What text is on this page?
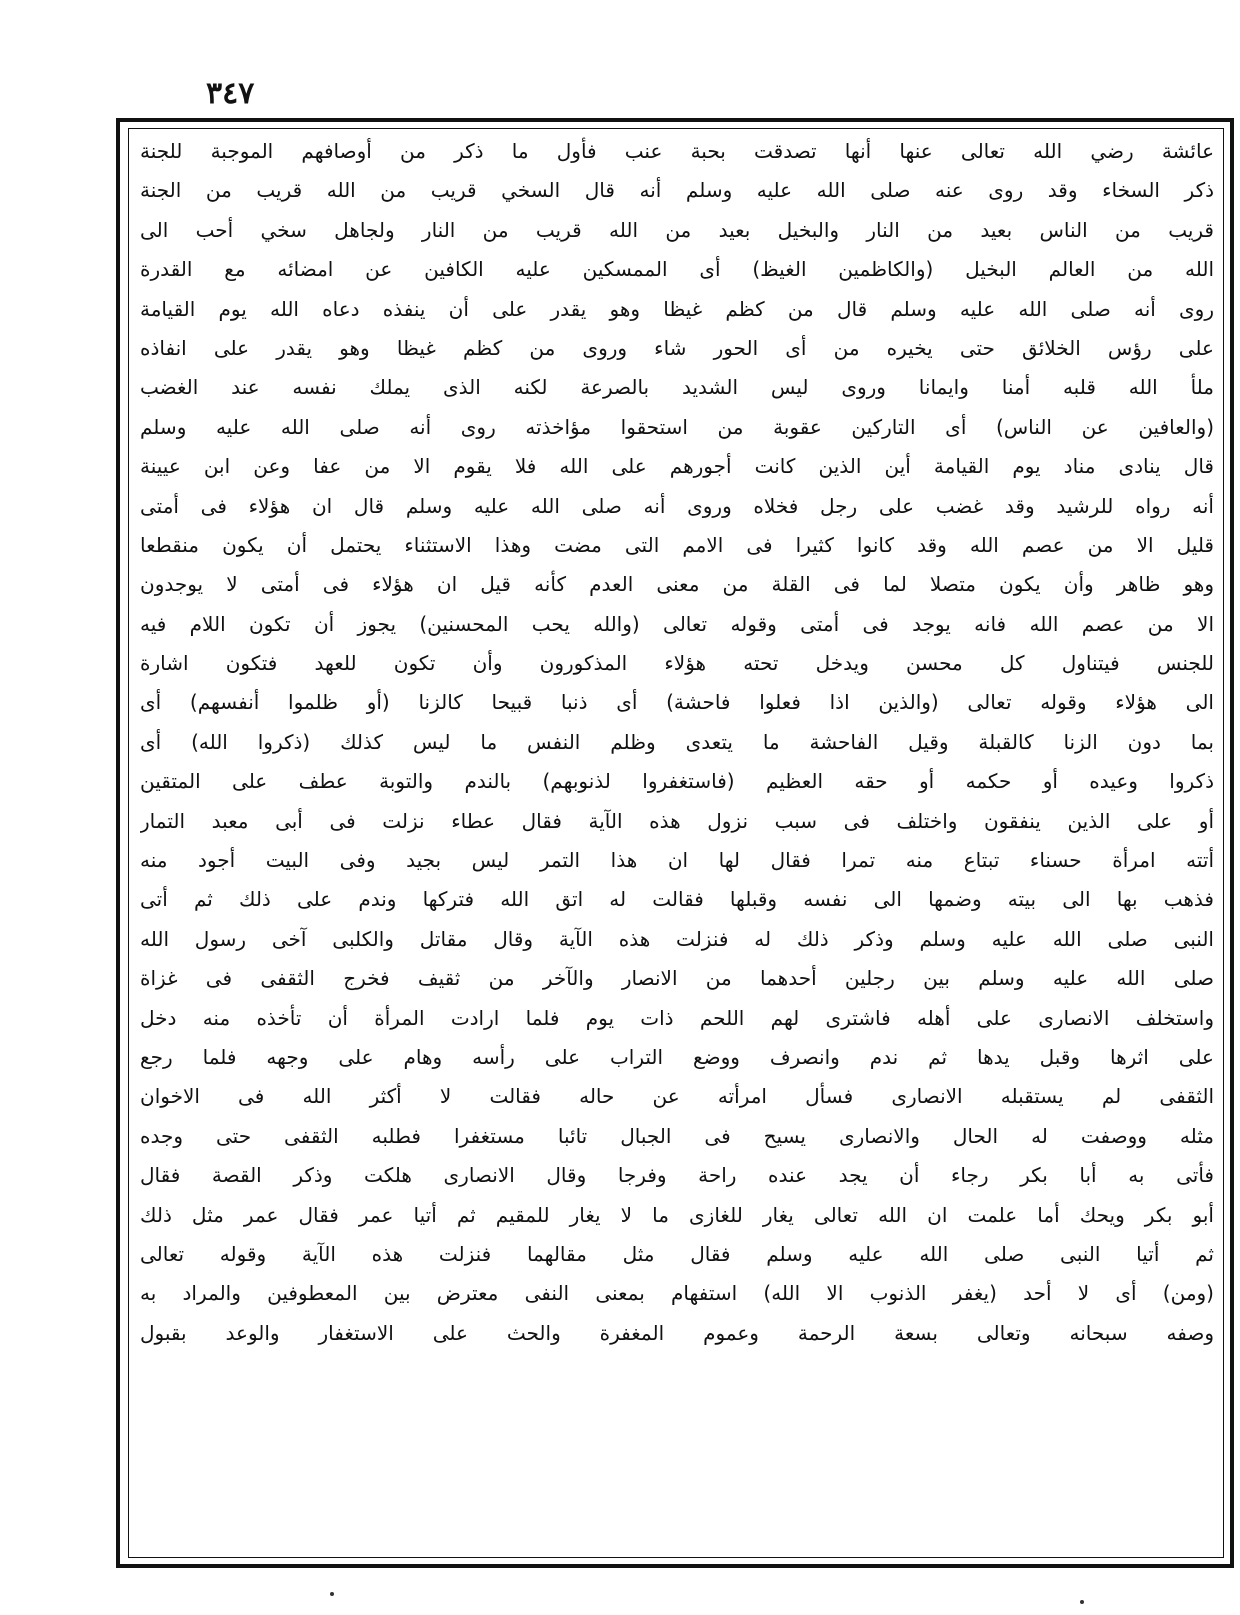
٣٤٧
عائشة رضي الله تعالى عنها أنها تصدقت بحبة عنب فأول ما ذكر من أوصافهم الموجبة للجنة
ذكر السخاء وقد روى عنه صلى الله عليه وسلم أنه قال السخي قريب من الله قريب من الجنة
قريب من الناس بعيد من النار والبخيل بعيد من الله قريب من النار ولجاهل سخي أحب الى
الله من العالم البخيل (والكاظمين الغيظ) أى الممسكين عليه الكافين عن امضائه مع القدرة
روى أنه صلى الله عليه وسلم قال من كظم غيظا وهو يقدر على أن ينفذه دعاه الله يوم القيامة
على رؤس الخلائق حتى يخيره من أى الحور شاء وروى من كظم غيظا وهو يقدر على انفاذه
ملأ الله قلبه أمنا وايمانا وروى ليس الشديد بالصرعة لكنه الذى يملك نفسه عند الغضب
(والعافين عن الناس) أى التاركين عقوبة من استحقوا مؤاخذته روى أنه صلى الله عليه وسلم
قال ينادى مناد يوم القيامة أين الذين كانت أجورهم على الله فلا يقوم الا من عفا وعن ابن عيينة
أنه رواه للرشيد وقد غضب على رجل فخلاه وروى أنه صلى الله عليه وسلم قال ان هؤلاء فى أمتى
قليل الا من عصم الله وقد كانوا كثيرا فى الامم التى مضت وهذا الاستثناء يحتمل أن يكون منقطعا
وهو ظاهر وأن يكون متصلا لما فى القلة من معنى العدم كأنه قيل ان هؤلاء فى أمتى لا يوجدون
الا من عصم الله فانه يوجد فى أمتى وقوله تعالى (والله يحب المحسنين) يجوز أن تكون اللام فيه
للجنس فيتناول كل محسن ويدخل تحته هؤلاء المذكورون وأن تكون للعهد فتكون اشارة
الى هؤلاء وقوله تعالى (والذين اذا فعلوا فاحشة) أى ذنبا قبيحا كالزنا (أو ظلموا أنفسهم) أى
بما دون الزنا كالقبلة وقيل الفاحشة ما يتعدى وظلم النفس ما ليس كذلك (ذكروا الله) أى
ذكروا وعيده أو حكمه أو حقه العظيم (فاستغفروا لذنوبهم) بالندم والتوبة عطف على المتقين
أو على الذين ينفقون واختلف فى سبب نزول هذه الآية فقال عطاء نزلت فى أبى معبد التمار
أتته امرأة حسناء تبتاع منه تمرا فقال لها ان هذا التمر ليس بجيد وفى البيت أجود منه
فذهب بها الى بيته وضمها الى نفسه وقبلها فقالت له اتق الله فتركها وندم على ذلك ثم أتى
النبى صلى الله عليه وسلم وذكر ذلك له فنزلت هذه الآية وقال مقاتل والكلبى آخى رسول الله
صلى الله عليه وسلم بين رجلين أحدهما من الانصار والآخر من ثقيف فخرج الثقفى فى غزاة
واستخلف الانصارى على أهله فاشترى لهم اللحم ذات يوم فلما ارادت المرأة أن تأخذه منه دخل
على اثرها وقبل يدها ثم ندم وانصرف ووضع التراب على رأسه وهام على وجهه فلما رجع
الثقفى لم يستقبله الانصارى فسأل امرأته عن حاله فقالت لا أكثر الله فى الاخوان
مثله ووصفت له الحال والانصارى يسيح فى الجبال تائبا مستغفرا فطلبه الثقفى حتى وجده
فأتى به أبا بكر رجاء أن يجد عنده راحة وفرجا وقال الانصارى هلكت وذكر القصة فقال
أبو بكر ويحك أما علمت ان الله تعالى يغار للغازى ما لا يغار للمقيم ثم أتيا عمر فقال عمر مثل ذلك
ثم أتيا النبى صلى الله عليه وسلم فقال مثل مقالهما فنزلت هذه الآية وقوله تعالى
(ومن) أى لا أحد (يغفر الذنوب الا الله) استفهام بمعنى النفى معترض بين المعطوفين والمراد به
وصفه سبحانه وتعالى بسعة الرحمة وعموم المغفرة والحث على الاستغفار والوعد بقبول
